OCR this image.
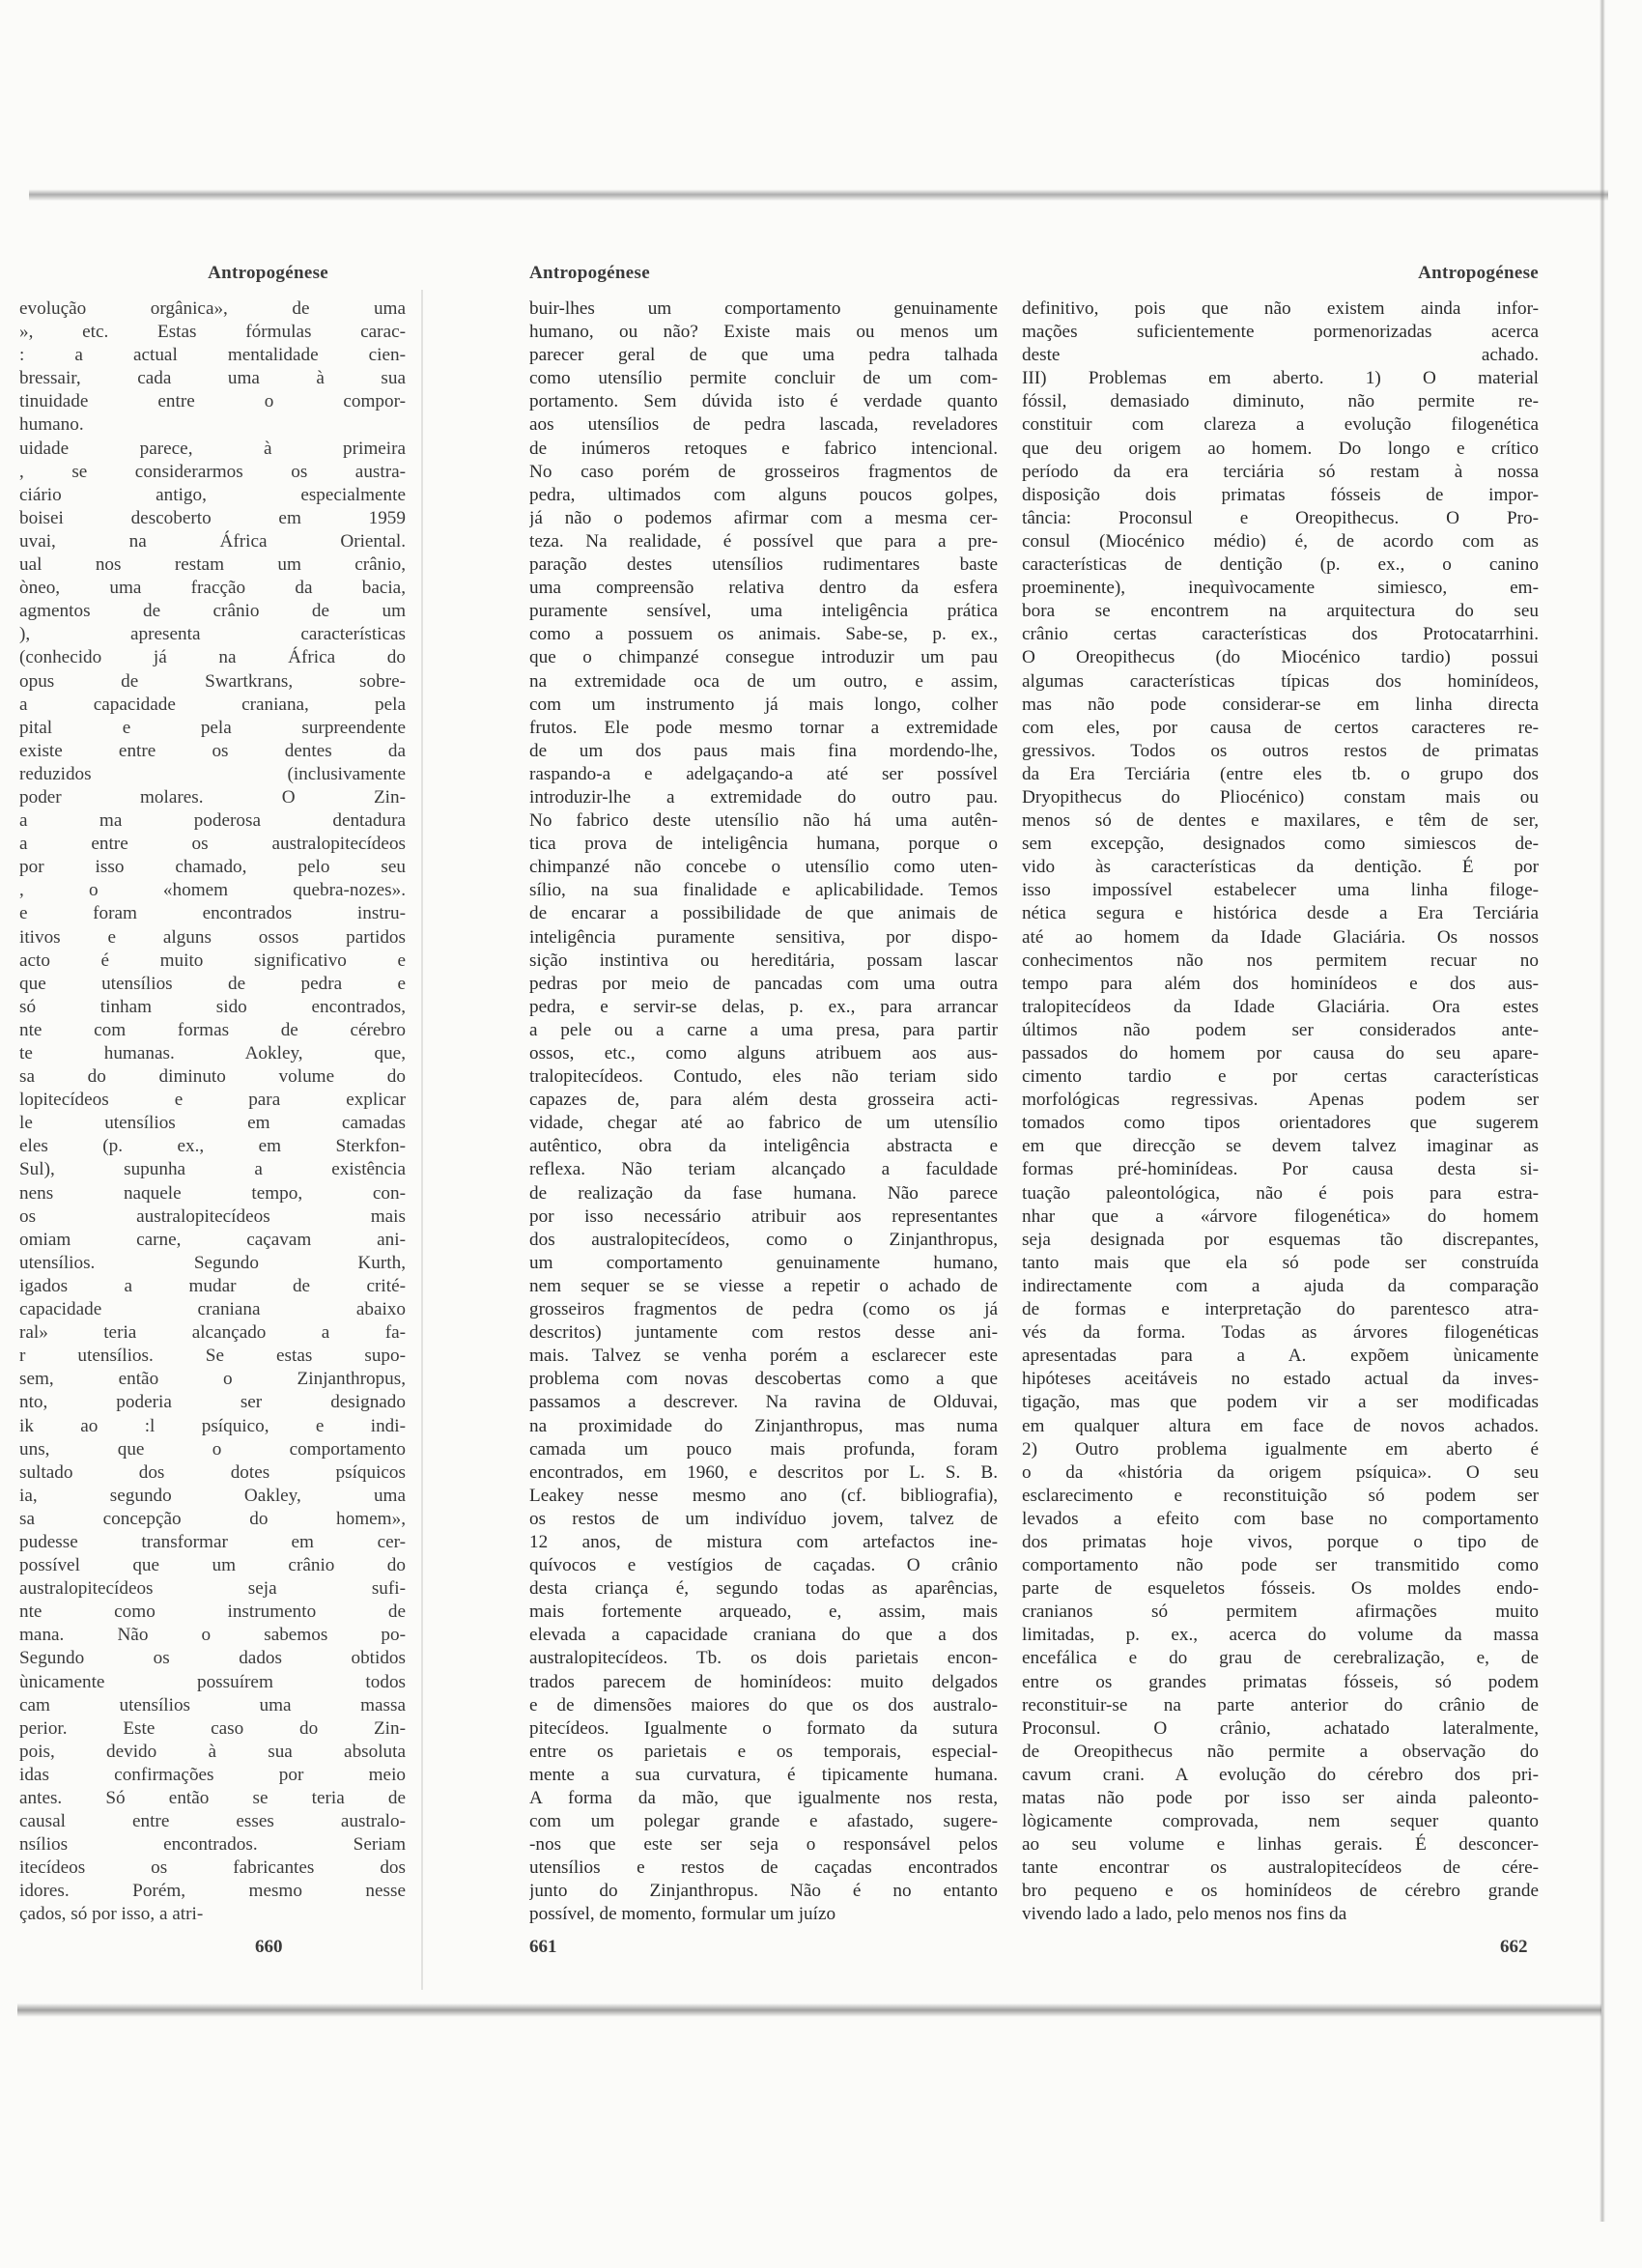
Antropogénese
evolução orgânica», de uma
», etc. Estas fórmulas carac-
: a actual mentalidade cien-
bressair, cada uma à sua
tinuidade entre o compor-
humano.
uidade parece, à primeira
, se considerarmos os austra-
ciário antigo, especialmente
boisei descoberto em 1959
uvai, na África Oriental.
ual nos restam um crânio,
òneo, uma fracção da bacia,
agmentos de crânio de um
), apresenta características
(conhecido já na África do
opus de Swartkrans, sobre-
a capacidade craniana, pela
pital e pela surpreendente
existe entre os dentes da
reduzidos (inclusivamente
poder molares. O Zin-
a ma poderosa dentadura
a entre os australopitecídeos
por isso chamado, pelo seu
, o «homem quebra-nozes».
e foram encontrados instru-
itivos e alguns ossos partidos
acto é muito significativo e
que utensílios de pedra e
só tinham sido encontrados,
nte com formas de cérebro
te humanas. Aokley, que,
sa do diminuto volume do
lopitecídeos e para explicar
le utensílios em camadas
eles (p. ex., em Sterkfon-
Sul), supunha a existência
nens naquele tempo, con-
os australopitecídeos mais
omiam carne, caçavam ani-
utensílios. Segundo Kurth,
igados a mudar de crité-
capacidade craniana abaixo
ral» teria alcançado a fa-
r utensílios. Se estas supo-
sem, então o Zinjanthropus,
nto, poderia ser designado
ik ao :l psíquico, e indi-
uns, que o comportamento
sultado dos dotes psíquicos
ia, segundo Oakley, uma
sa concepção do homem»,
pudesse transformar em cer-
possível que um crânio do
australopitecídeos seja sufi-
nte como instrumento de
mana. Não o sabemos po-
Segundo os dados obtidos
ùnicamente possuírem todos
cam utensílios uma massa
perior. Este caso do Zin-
pois, devido à sua absoluta
idas confirmações por meio
antes. Só então se teria de
causal entre esses australo-
nsílios encontrados. Seriam
itecídeos os fabricantes dos
idores. Porém, mesmo nesse
çados, só por isso, a atri-
Antropogénese
buir-lhes um comportamento genuinamente
humano, ou não? Existe mais ou menos um
parecer geral de que uma pedra talhada
como utensílio permite concluir de um com-
portamento. Sem dúvida isto é verdade quanto
aos utensílios de pedra lascada, reveladores
de inúmeros retoques e fabrico intencional.
No caso porém de grosseiros fragmentos de
pedra, ultimados com alguns poucos golpes,
já não o podemos afirmar com a mesma cer-
teza. Na realidade, é possível que para a pre-
paração destes utensílios rudimentares baste
uma compreensão relativa dentro da esfera
puramente sensível, uma inteligência prática
como a possuem os animais. Sabe-se, p. ex.,
que o chimpanzé consegue introduzir um pau
na extremidade oca de um outro, e assim,
com um instrumento já mais longo, colher
frutos. Ele pode mesmo tornar a extremidade
de um dos paus mais fina mordendo-lhe,
raspando-a e adelgaçando-a até ser possível
introduzir-lhe a extremidade do outro pau.
No fabrico deste utensílio não há uma autên-
tica prova de inteligência humana, porque o
chimpanzé não concebe o utensílio como uten-
sílio, na sua finalidade e aplicabilidade. Temos
de encarar a possibilidade de que animais de
inteligência puramente sensitiva, por dispo-
sição instintiva ou hereditária, possam lascar
pedras por meio de pancadas com uma outra
pedra, e servir-se delas, p. ex., para arrancar
a pele ou a carne a uma presa, para partir
ossos, etc., como alguns atribuem aos aus-
tralopitecídeos. Contudo, eles não teriam sido
capazes de, para além desta grosseira acti-
vidade, chegar até ao fabrico de um utensílio
autêntico, obra da inteligência abstracta e
reflexa. Não teriam alcançado a faculdade
de realização da fase humana. Não parece
por isso necessário atribuir aos representantes
dos australopitecídeos, como o Zinjanthropus,
um comportamento genuinamente humano,
nem sequer se se viesse a repetir o achado de
grosseiros fragmentos de pedra (como os já
descritos) juntamente com restos desse ani-
mais. Talvez se venha porém a esclarecer este
problema com novas descobertas como a que
passamos a descrever. Na ravina de Olduvai,
na proximidade do Zinjanthropus, mas numa
camada um pouco mais profunda, foram
encontrados, em 1960, e descritos por L. S. B.
Leakey nesse mesmo ano (cf. bibliografia),
os restos de um indivíduo jovem, talvez de
12 anos, de mistura com artefactos ine-
quívocos e vestígios de caçadas. O crânio
desta criança é, segundo todas as aparências,
mais fortemente arqueado, e, assim, mais
elevada a capacidade craniana do que a dos
australopitecídeos. Tb. os dois parietais encon-
trados parecem de hominídeos: muito delgados
e de dimensões maiores do que os dos australo-
pitecídeos. Igualmente o formato da sutura
entre os parietais e os temporais, especial-
mente a sua curvatura, é tipicamente humana.
A forma da mão, que igualmente nos resta,
com um polegar grande e afastado, sugere-
-nos que este ser seja o responsável pelos
utensílios e restos de caçadas encontrados
junto do Zinjanthropus. Não é no entanto
possível, de momento, formular um juízo
Antropogénese
definitivo, pois que não existem ainda infor-
mações suficientemente pormenorizadas acerca
deste achado.
III) Problemas em aberto. 1) O material
fóssil, demasiado diminuto, não permite re-
constituir com clareza a evolução filogenética
que deu origem ao homem. Do longo e crítico
período da era terciária só restam à nossa
disposição dois primatas fósseis de impor-
tância: Proconsul e Oreopithecus. O Pro-
consul (Miocénico médio) é, de acordo com as
características de dentição (p. ex., o canino
proeminente), inequìvocamente simiesco, em-
bora se encontrem na arquitectura do seu
crânio certas características dos Protocatarrhini.
O Oreopithecus (do Miocénico tardio) possui
algumas características típicas dos hominídeos,
mas não pode considerar-se em linha directa
com eles, por causa de certos caracteres re-
gressivos. Todos os outros restos de primatas
da Era Terciária (entre eles tb. o grupo dos
Dryopithecus do Pliocénico) constam mais ou
menos só de dentes e maxilares, e têm de ser,
sem excepção, designados como simiescos de-
vido às características da dentição. É por
isso impossível estabelecer uma linha filoge-
nética segura e histórica desde a Era Terciária
até ao homem da Idade Glaciária. Os nossos
conhecimentos não nos permitem recuar no
tempo para além dos hominídeos e dos aus-
tralopitecídeos da Idade Glaciária. Ora estes
últimos não podem ser considerados ante-
passados do homem por causa do seu apare-
cimento tardio e por certas características
morfológicas regressivas. Apenas podem ser
tomados como tipos orientadores que sugerem
em que direcção se devem talvez imaginar as
formas pré-hominídeas. Por causa desta si-
tuação paleontológica, não é pois para estra-
nhar que a «árvore filogenética» do homem
seja designada por esquemas tão discrepantes,
tanto mais que ela só pode ser construída
indirectamente com a ajuda da comparação
de formas e interpretação do parentesco atra-
vés da forma. Todas as árvores filogenéticas
apresentadas para a A. expõem ùnicamente
hipóteses aceitáveis no estado actual da inves-
tigação, mas que podem vir a ser modificadas
em qualquer altura em face de novos achados.
2) Outro problema igualmente em aberto é
o da «história da origem psíquica». O seu
esclarecimento e reconstituição só podem ser
levados a efeito com base no comportamento
dos primatas hoje vivos, porque o tipo de
comportamento não pode ser transmitido como
parte de esqueletos fósseis. Os moldes endo-
cranianos só permitem afirmações muito
limitadas, p. ex., acerca do volume da massa
encefálica e do grau de cerebralização, e, de
entre os grandes primatas fósseis, só podem
reconstituir-se na parte anterior do crânio de
Proconsul. O crânio, achatado lateralmente,
de Oreopithecus não permite a observação do
cavum crani. A evolução do cérebro dos pri-
matas não pode por isso ser ainda paleonto-
lògicamente comprovada, nem sequer quanto
ao seu volume e linhas gerais. É desconcer-
tante encontrar os australopitecídeos de cére-
bro pequeno e os hominídeos de cérebro grande
vivendo lado a lado, pelo menos nos fins da
660	661	662
